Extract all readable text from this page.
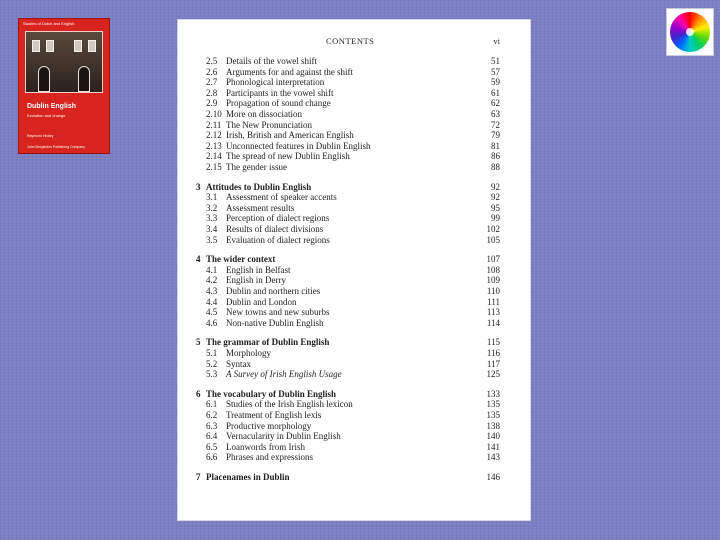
Studies of Dutch and English
Dublin English
Evolution and change
Raymond Hickey
John Benjamins Publishing Company
CONTENTS	vi
2.5 Details of the vowel shift	51
2.6 Arguments for and against the shift	57
2.7 Phonological interpretation	59
2.8 Participants in the vowel shift	61
2.9 Propagation of sound change	62
2.10 More on dissociation	63
2.11 The New Pronunciation	72
2.12 Irish, British and American English	79
2.13 Unconnected features in Dublin English	81
2.14 The spread of new Dublin English	86
2.15 The gender issue	88
3 Attitudes to Dublin English	92
3.1 Assessment of speaker accents	92
3.2 Assessment results	95
3.3 Perception of dialect regions	99
3.4 Results of dialect divisions	102
3.5 Evaluation of dialect regions	105
4 The wider context	107
4.1 English in Belfast	108
4.2 English in Derry	109
4.3 Dublin and northern cities	110
4.4 Dublin and London	111
4.5 New towns and new suburbs	113
4.6 Non-native Dublin English	114
5 The grammar of Dublin English	115
5.1 Morphology	116
5.2 Syntax	117
5.3 A Survey of Irish English Usage	125
6 The vocabulary of Dublin English	133
6.1 Studies of the Irish English lexicon	135
6.2 Treatment of English lexis	135
6.3 Productive morphology	138
6.4 Vernacularity in Dublin English	140
6.5 Loanwords from Irish	141
6.6 Phrases and expressions	143
7 Placenames in Dublin	146
